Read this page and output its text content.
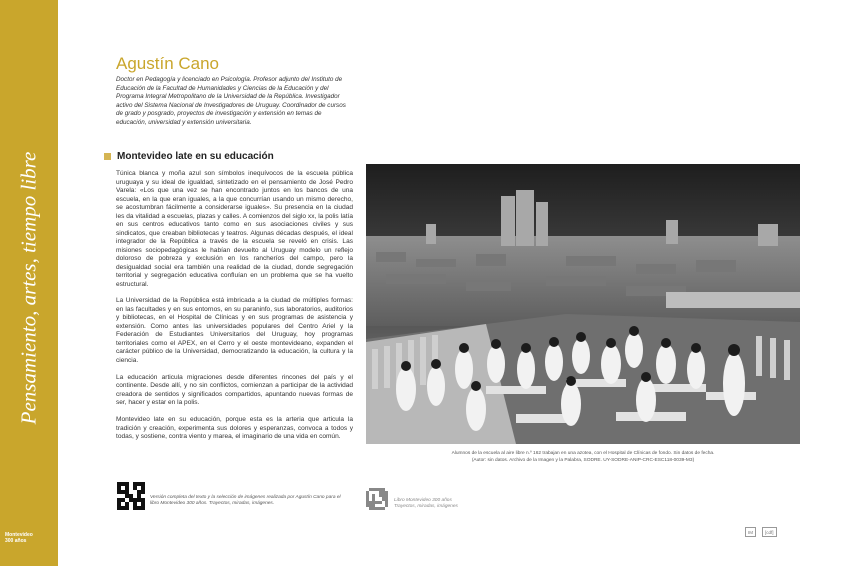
Pensamiento, artes, tiempo libre
Montevideo
300 años
Agustín Cano
Doctor en Pedagogía y licenciado en Psicología. Profesor adjunto del Instituto de Educación de la Facultad de Humanidades y Ciencias de la Educación y del Programa Integral Metropolitano de la Universidad de la República. Investigador activo del Sistema Nacional de Investigadores de Uruguay. Coordinador de cursos de grado y posgrado, proyectos de investigación y extensión en temas de educación, universidad y extensión universitaria.
Montevideo late en su educación

Túnica blanca y moña azul son símbolos inequívocos de la escuela pública uruguaya y su ideal de igualdad, sintetizado en el pensamiento de José Pedro Varela: «Los que una vez se han encontrado juntos en los bancos de una escuela, en la que eran iguales, a la que concurrían usando un mismo derecho, se acostumbran fácilmente a considerarse iguales». Su presencia en la ciudad les da vitalidad a escuelas, plazas y calles. A comienzos del siglo xx, la polis latía en sus centros educativos tanto como en sus asociaciones civiles y sus sindicatos, que creaban bibliotecas y teatros. Algunas décadas después, el ideal integrador de la República a través de la escuela se reveló en crisis. Las misiones sociopedagógicas le habían devuelto al Uruguay modelo un reflejo doloroso de pobreza y exclusión en los rancheríos del campo, pero la desigualdad social era también una realidad de la ciudad, donde segregación territorial y segregación educativa confluían en un problema que se ha vuelto estructural.

La Universidad de la República está imbricada a la ciudad de múltiples formas: en las facultades y en sus entornos, en su paraninfo, sus laboratorios, auditorios y bibliotecas, en el Hospital de Clínicas y en sus programas de asistencia y extensión. Como antes las universidades populares del Centro Ariel y la Federación de Estudiantes Universitarios del Uruguay, hoy programas territoriales como el APEX, en el Cerro y el oeste montevideano, expanden el carácter público de la Universidad, democratizando la educación, la cultura y la ciencia.

La educación articula migraciones desde diferentes rincones del país y el continente. Desde allí, y no sin conflictos, comienzan a participar de la actividad creadora de sentidos y significados compartidos, apuntando nuevas formas de ser, hacer y estar en la polis.

Montevideo late en su educación, porque esta es la arteria que articula la tradición y creación, experimenta sus dolores y esperanzas, convoca a todos y todas, y sostiene, contra viento y marea, el imaginario de una vida en común.

Versión completa del texto y la selección de imágenes realizada por Agustín Cano para el libro Montevideo 300 años. Trayectos, miradas, imágenes.
Libro Montevideo 300 años
Trayectos, miradas, imágenes
Alumnos de la escuela al aire libre n.º 162 trabajan en una azotea, con el Hospital de Clínicas de fondo. Sin datos de fecha.
(Autor: sin datos. Archivo de la Imagen y la Palabra, SODRE. UY-SODRE-ANIP-CRC-ESC118-0039-M3)
IM	[cdf]
